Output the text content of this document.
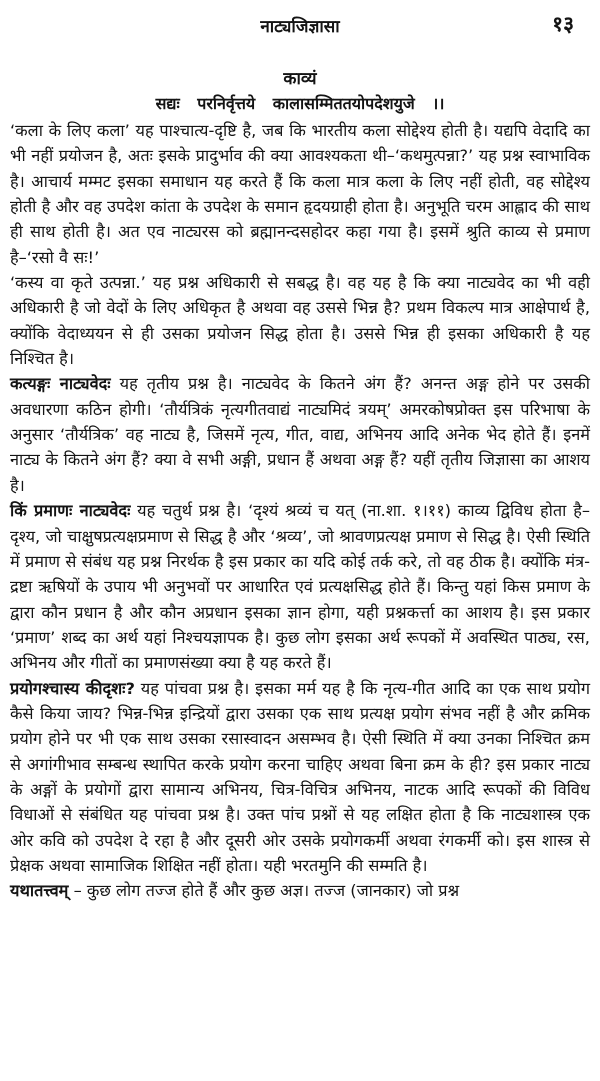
नाट्यजिज्ञासा	१३
काव्यं
सद्यः परनिर्वृत्तये कालासम्मिततयोपदेशयुजे ।।

‘कला के लिए कला’ यह पाश्चात्य-दृष्टि है, जब कि भारतीय कला सोद्देश्य होती है। यद्यपि वेदादि का भी नहीं प्रयोजन है, अतः इसके प्रादुर्भाव की क्या आवश्यकता थी–‘कथमुत्पन्ना?’ यह प्रश्न स्वाभाविक है। आचार्य मम्मट इसका समाधान यह करते हैं कि कला मात्र कला के लिए नहीं होती, वह सोद्देश्य होती है और वह उपदेश कांता के उपदेश के समान हृदयग्राही होता है। अनुभूति चरम आह्लाद की साथ ही साथ होती है। अत एव नाट्यरस को ब्रह्मानन्दसहोदर कहा गया है। इसमें श्रुति काव्य से प्रमाण है–‘रसो वै सः!’

‘कस्य वा कृते उत्पन्ना.’ यह प्रश्न अधिकारी से सबद्ध है। वह यह है कि क्या नाट्यवेद का भी वही अधिकारी है जो वेदों के लिए अधिकृत है अथवा वह उससे भिन्न है? प्रथम विकल्प मात्र आक्षेपार्थ है, क्योंकि वेदाध्ययन से ही उसका प्रयोजन सिद्ध होता है। उससे भिन्न ही इसका अधिकारी है यह निश्चित है।

कत्यङ्गः नाट्यवेदः यह तृतीय प्रश्न है। नाट्यवेद के कितने अंग हैं? अनन्त अङ्ग होने पर उसकी अवधारणा कठिन होगी। ‘तौर्यत्रिकं नृत्यगीतवाद्यं नाट्यमिदं त्रयम्’ अमरकोषप्रोक्त इस परिभाषा के अनुसार ‘तौर्यत्रिक’ वह नाट्य है, जिसमें नृत्य, गीत, वाद्य, अभिनय आदि अनेक भेद होते हैं। इनमें नाट्य के कितने अंग हैं? क्या वे सभी अङ्गी, प्रधान हैं अथवा अङ्ग हैं? यहीं तृतीय जिज्ञासा का आशय है।

किं प्रमाणः नाट्यवेदः यह चतुर्थ प्रश्न है। ‘दृश्यं श्रव्यं च यत् (ना.शा. १।११) काव्य द्विविध होता है– दृश्य, जो चाक्षुषप्रत्यक्षप्रमाण से सिद्ध है और ‘श्रव्य’, जो श्रावणप्रत्यक्ष प्रमाण से सिद्ध है। ऐसी स्थिति में प्रमाण से संबंध यह प्रश्न निरर्थक है इस प्रकार का यदि कोई तर्क करे, तो वह ठीक है। क्योंकि मंत्र-द्रष्टा ऋषियों के उपाय भी अनुभवों पर आधारित एवं प्रत्यक्षसिद्ध होते हैं। किन्तु यहां किस प्रमाण के द्वारा कौन प्रधान है और कौन अप्रधान इसका ज्ञान होगा, यही प्रश्नकर्त्ता का आशय है। इस प्रकार ‘प्रमाण’ शब्द का अर्थ यहां निश्चयज्ञापक है। कुछ लोग इसका अर्थ रूपकों में अवस्थित पाठ्य, रस, अभिनय और गीतों का प्रमाणसंख्या क्या है यह करते हैं।

प्रयोगश्चास्य कीदृशः? यह पांचवा प्रश्न है। इसका मर्म यह है कि नृत्य-गीत आदि का एक साथ प्रयोग कैसे किया जाय? भिन्न-भिन्न इन्द्रियों द्वारा उसका एक साथ प्रत्यक्ष प्रयोग संभव नहीं है और क्रमिक प्रयोग होने पर भी एक साथ उसका रसास्वादन असम्भव है। ऐसी स्थिति में क्या उनका निश्चित क्रम से अगांगीभाव सम्बन्ध स्थापित करके प्रयोग करना चाहिए अथवा बिना क्रम के ही? इस प्रकार नाट्य के अङ्गों के प्रयोगों द्वारा सामान्य अभिनय, चित्र-विचित्र अभिनय, नाटक आदि रूपकों की विविध विधाओं से संबंधित यह पांचवा प्रश्न है। उक्त पांच प्रश्नों से यह लक्षित होता है कि नाट्यशास्त्र एक ओर कवि को उपदेश दे रहा है और दूसरी ओर उसके प्रयोगकर्मी अथवा रंगकर्मी को। इस शास्त्र से प्रेक्षक अथवा सामाजिक शिक्षित नहीं होता। यही भरतमुनि की सम्मति है।

यथातत्त्वम् – कुछ लोग तज्ज होते हैं और कुछ अज्ञ। तज्ज (जानकार) जो प्रश्न
